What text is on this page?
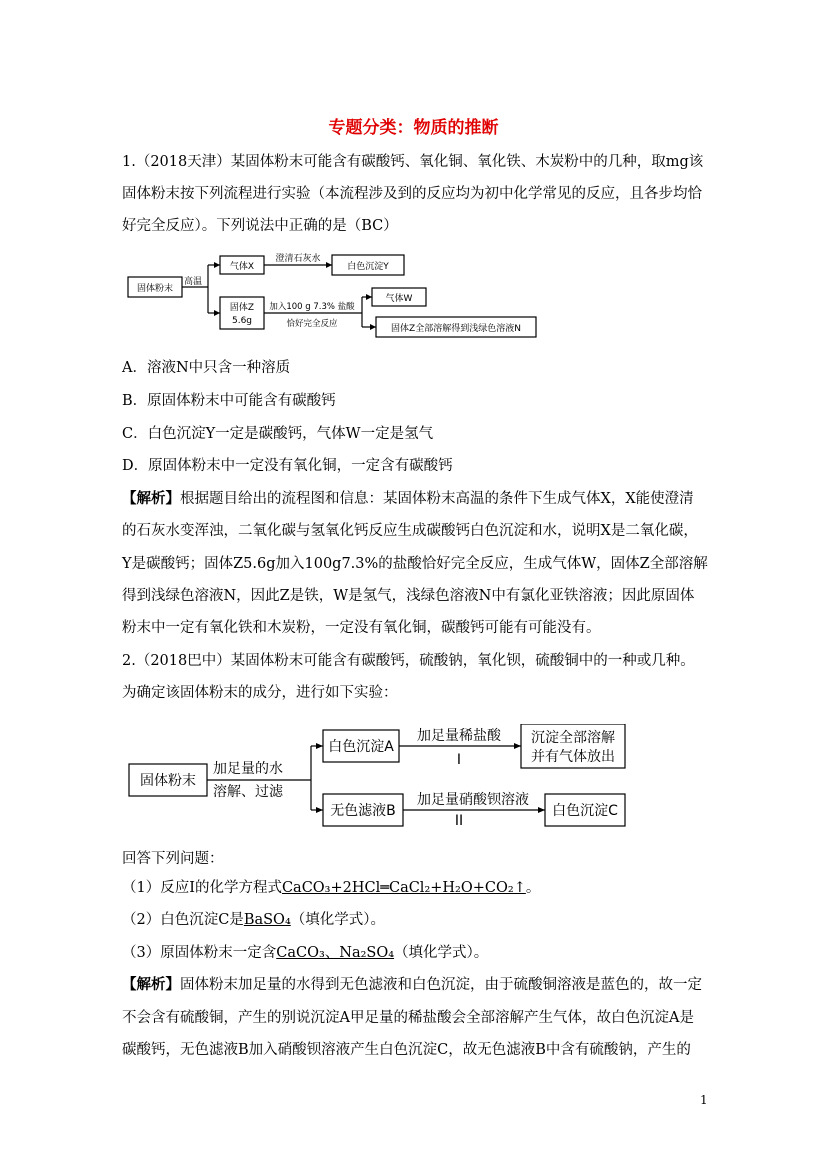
专题分类：物质的推断
1.（2018天津）某固体粉末可能含有碳酸钙、氧化铜、氧化铁、木炭粉中的几种，取mg该
固体粉末按下列流程进行实验（本流程涉及到的反应均为初中化学常见的反应，且各步均恰
好完全反应）。下列说法中正确的是（BC）
固体粉末
高温
气体X
澄清石灰水
白色沉淀Y
固体Z
5.6g
加入100 g 7.3% 盐酸
恰好完全反应
气体W
固体Z全部溶解得到浅绿色溶液N
A．溶液N中只含一种溶质
B．原固体粉末中可能含有碳酸钙
C．白色沉淀Y一定是碳酸钙，气体W一定是氢气
D．原固体粉末中一定没有氧化铜，一定含有碳酸钙
【解析】根据题目给出的流程图和信息：某固体粉末高温的条件下生成气体X，X能使澄清
的石灰水变浑浊，二氧化碳与氢氧化钙反应生成碳酸钙白色沉淀和水，说明X是二氧化碳，
Y是碳酸钙；固体Z5.6g加入100g7.3%的盐酸恰好完全反应，生成气体W，固体Z全部溶解
得到浅绿色溶液N，因此Z是铁，W是氢气，浅绿色溶液N中有氯化亚铁溶液；因此原固体
粉末中一定有氧化铁和木炭粉，一定没有氧化铜，碳酸钙可能有可能没有。
2.（2018巴中）某固体粉末可能含有碳酸钙，硫酸钠，氧化钡，硫酸铜中的一种或几种。
为确定该固体粉末的成分，进行如下实验：
固体粉末
加足量的水
溶解、过滤
白色沉淀A
加足量稀盐酸
I
沉淀全部溶解
并有气体放出
无色滤液B
加足量硝酸钡溶液
II
白色沉淀C
回答下列问题：
（1）反应I的化学方程式CaCO₃+2HCl═CaCl₂+H₂O+CO₂↑。
（2）白色沉淀C是BaSO₄（填化学式）。
（3）原固体粉末一定含CaCO₃、Na₂SO₄（填化学式）。
【解析】固体粉末加足量的水得到无色滤液和白色沉淀，由于硫酸铜溶液是蓝色的，故一定
不会含有硫酸铜，产生的别说沉淀A甲足量的稀盐酸会全部溶解产生气体，故白色沉淀A是
碳酸钙，无色滤液B加入硝酸钡溶液产生白色沉淀C，故无色滤液B中含有硫酸钠，产生的
1
